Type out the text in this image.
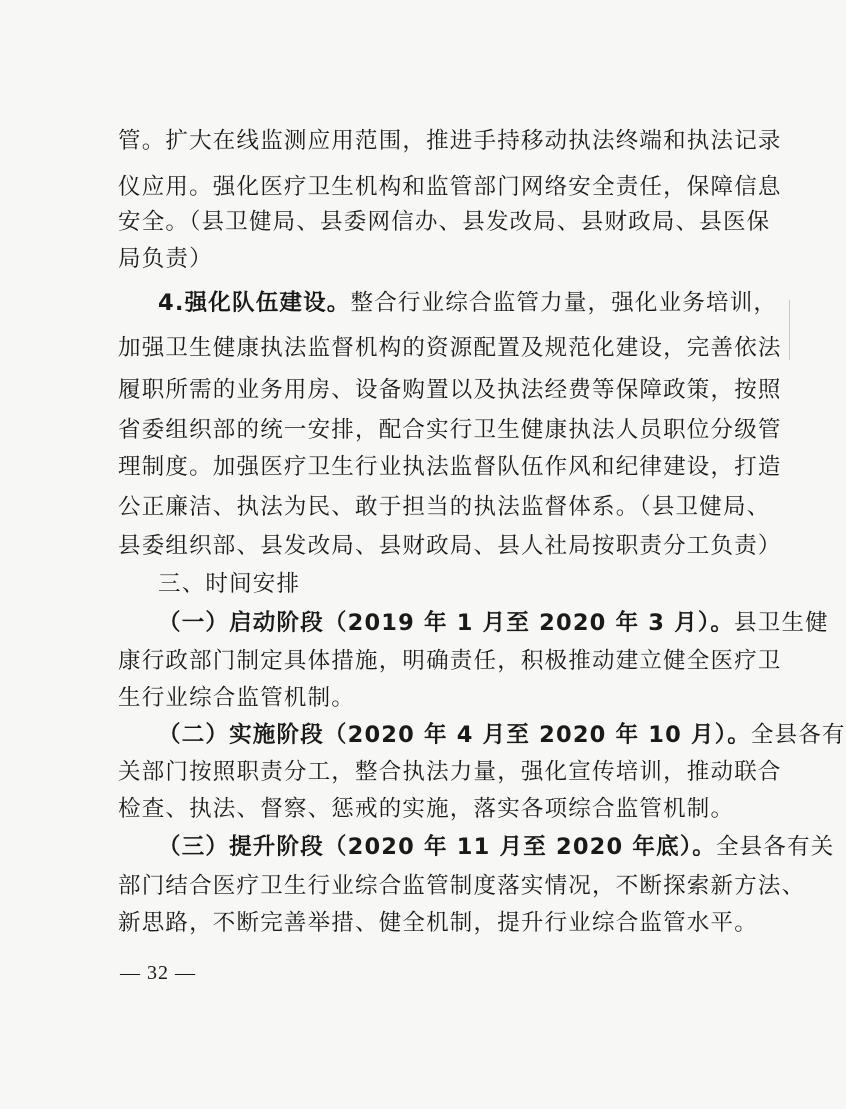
管。扩大在线监测应用范围，推进手持移动执法终端和执法记录
仪应用。强化医疗卫生机构和监管部门网络安全责任，保障信息
安全。（县卫健局、县委网信办、县发改局、县财政局、县医保
局负责）
4.强化队伍建设。整合行业综合监管力量，强化业务培训，
加强卫生健康执法监督机构的资源配置及规范化建设，完善依法
履职所需的业务用房、设备购置以及执法经费等保障政策，按照
省委组织部的统一安排，配合实行卫生健康执法人员职位分级管
理制度。加强医疗卫生行业执法监督队伍作风和纪律建设，打造
公正廉洁、执法为民、敢于担当的执法监督体系。（县卫健局、
县委组织部、县发改局、县财政局、县人社局按职责分工负责）
三、时间安排
（一）启动阶段（2019 年 1 月至 2020 年 3 月）。县卫生健
康行政部门制定具体措施，明确责任，积极推动建立健全医疗卫
生行业综合监管机制。
（二）实施阶段（2020 年 4 月至 2020 年 10 月）。全县各有
关部门按照职责分工，整合执法力量，强化宣传培训，推动联合
检查、执法、督察、惩戒的实施，落实各项综合监管机制。
（三）提升阶段（2020 年 11 月至 2020 年底）。全县各有关
部门结合医疗卫生行业综合监管制度落实情况，不断探索新方法、
新思路，不断完善举措、健全机制，提升行业综合监管水平。
— 32 —
